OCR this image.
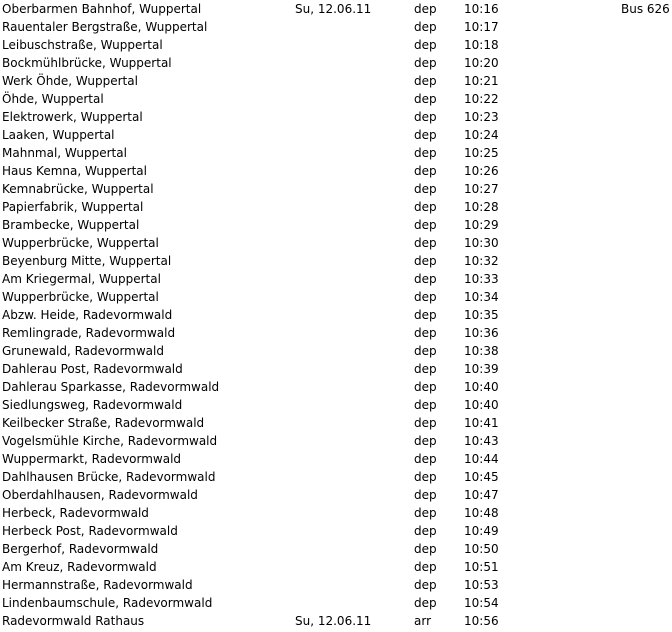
Oberbarmen Bahnhof, Wuppertal	Su, 12.06.11	dep 10:16	Bus 626
Rauentaler Bergstraße, Wuppertal	dep 10:17
Leibuschstraße, Wuppertal	dep 10:18
Bockmühlbrücke, Wuppertal	dep 10:20
Werk Öhde, Wuppertal	dep 10:21
Öhde, Wuppertal	dep 10:22
Elektrowerk, Wuppertal	dep 10:23
Laaken, Wuppertal	dep 10:24
Mahnmal, Wuppertal	dep 10:25
Haus Kemna, Wuppertal	dep 10:26
Kemnabrücke, Wuppertal	dep 10:27
Papierfabrik, Wuppertal	dep 10:28
Brambecke, Wuppertal	dep 10:29
Wupperbrücke, Wuppertal	dep 10:30
Beyenburg Mitte, Wuppertal	dep 10:32
Am Kriegermal, Wuppertal	dep 10:33
Wupperbrücke, Wuppertal	dep 10:34
Abzw. Heide, Radevormwald	dep 10:35
Remlingrade, Radevormwald	dep 10:36
Grunewald, Radevormwald	dep 10:38
Dahlerau Post, Radevormwald	dep 10:39
Dahlerau Sparkasse, Radevormwald	dep 10:40
Siedlungsweg, Radevormwald	dep 10:40
Keilbecker Straße, Radevormwald	dep 10:41
Vogelsmühle Kirche, Radevormwald	dep 10:43
Wuppermarkt, Radevormwald	dep 10:44
Dahlhausen Brücke, Radevormwald	dep 10:45
Oberdahlhausen, Radevormwald	dep 10:47
Herbeck, Radevormwald	dep 10:48
Herbeck Post, Radevormwald	dep 10:49
Bergerhof, Radevormwald	dep 10:50
Am Kreuz, Radevormwald	dep 10:51
Hermannstraße, Radevormwald	dep 10:53
Lindenbaumschule, Radevormwald	dep 10:54
Radevormwald Rathaus	Su, 12.06.11	arr	10:56
